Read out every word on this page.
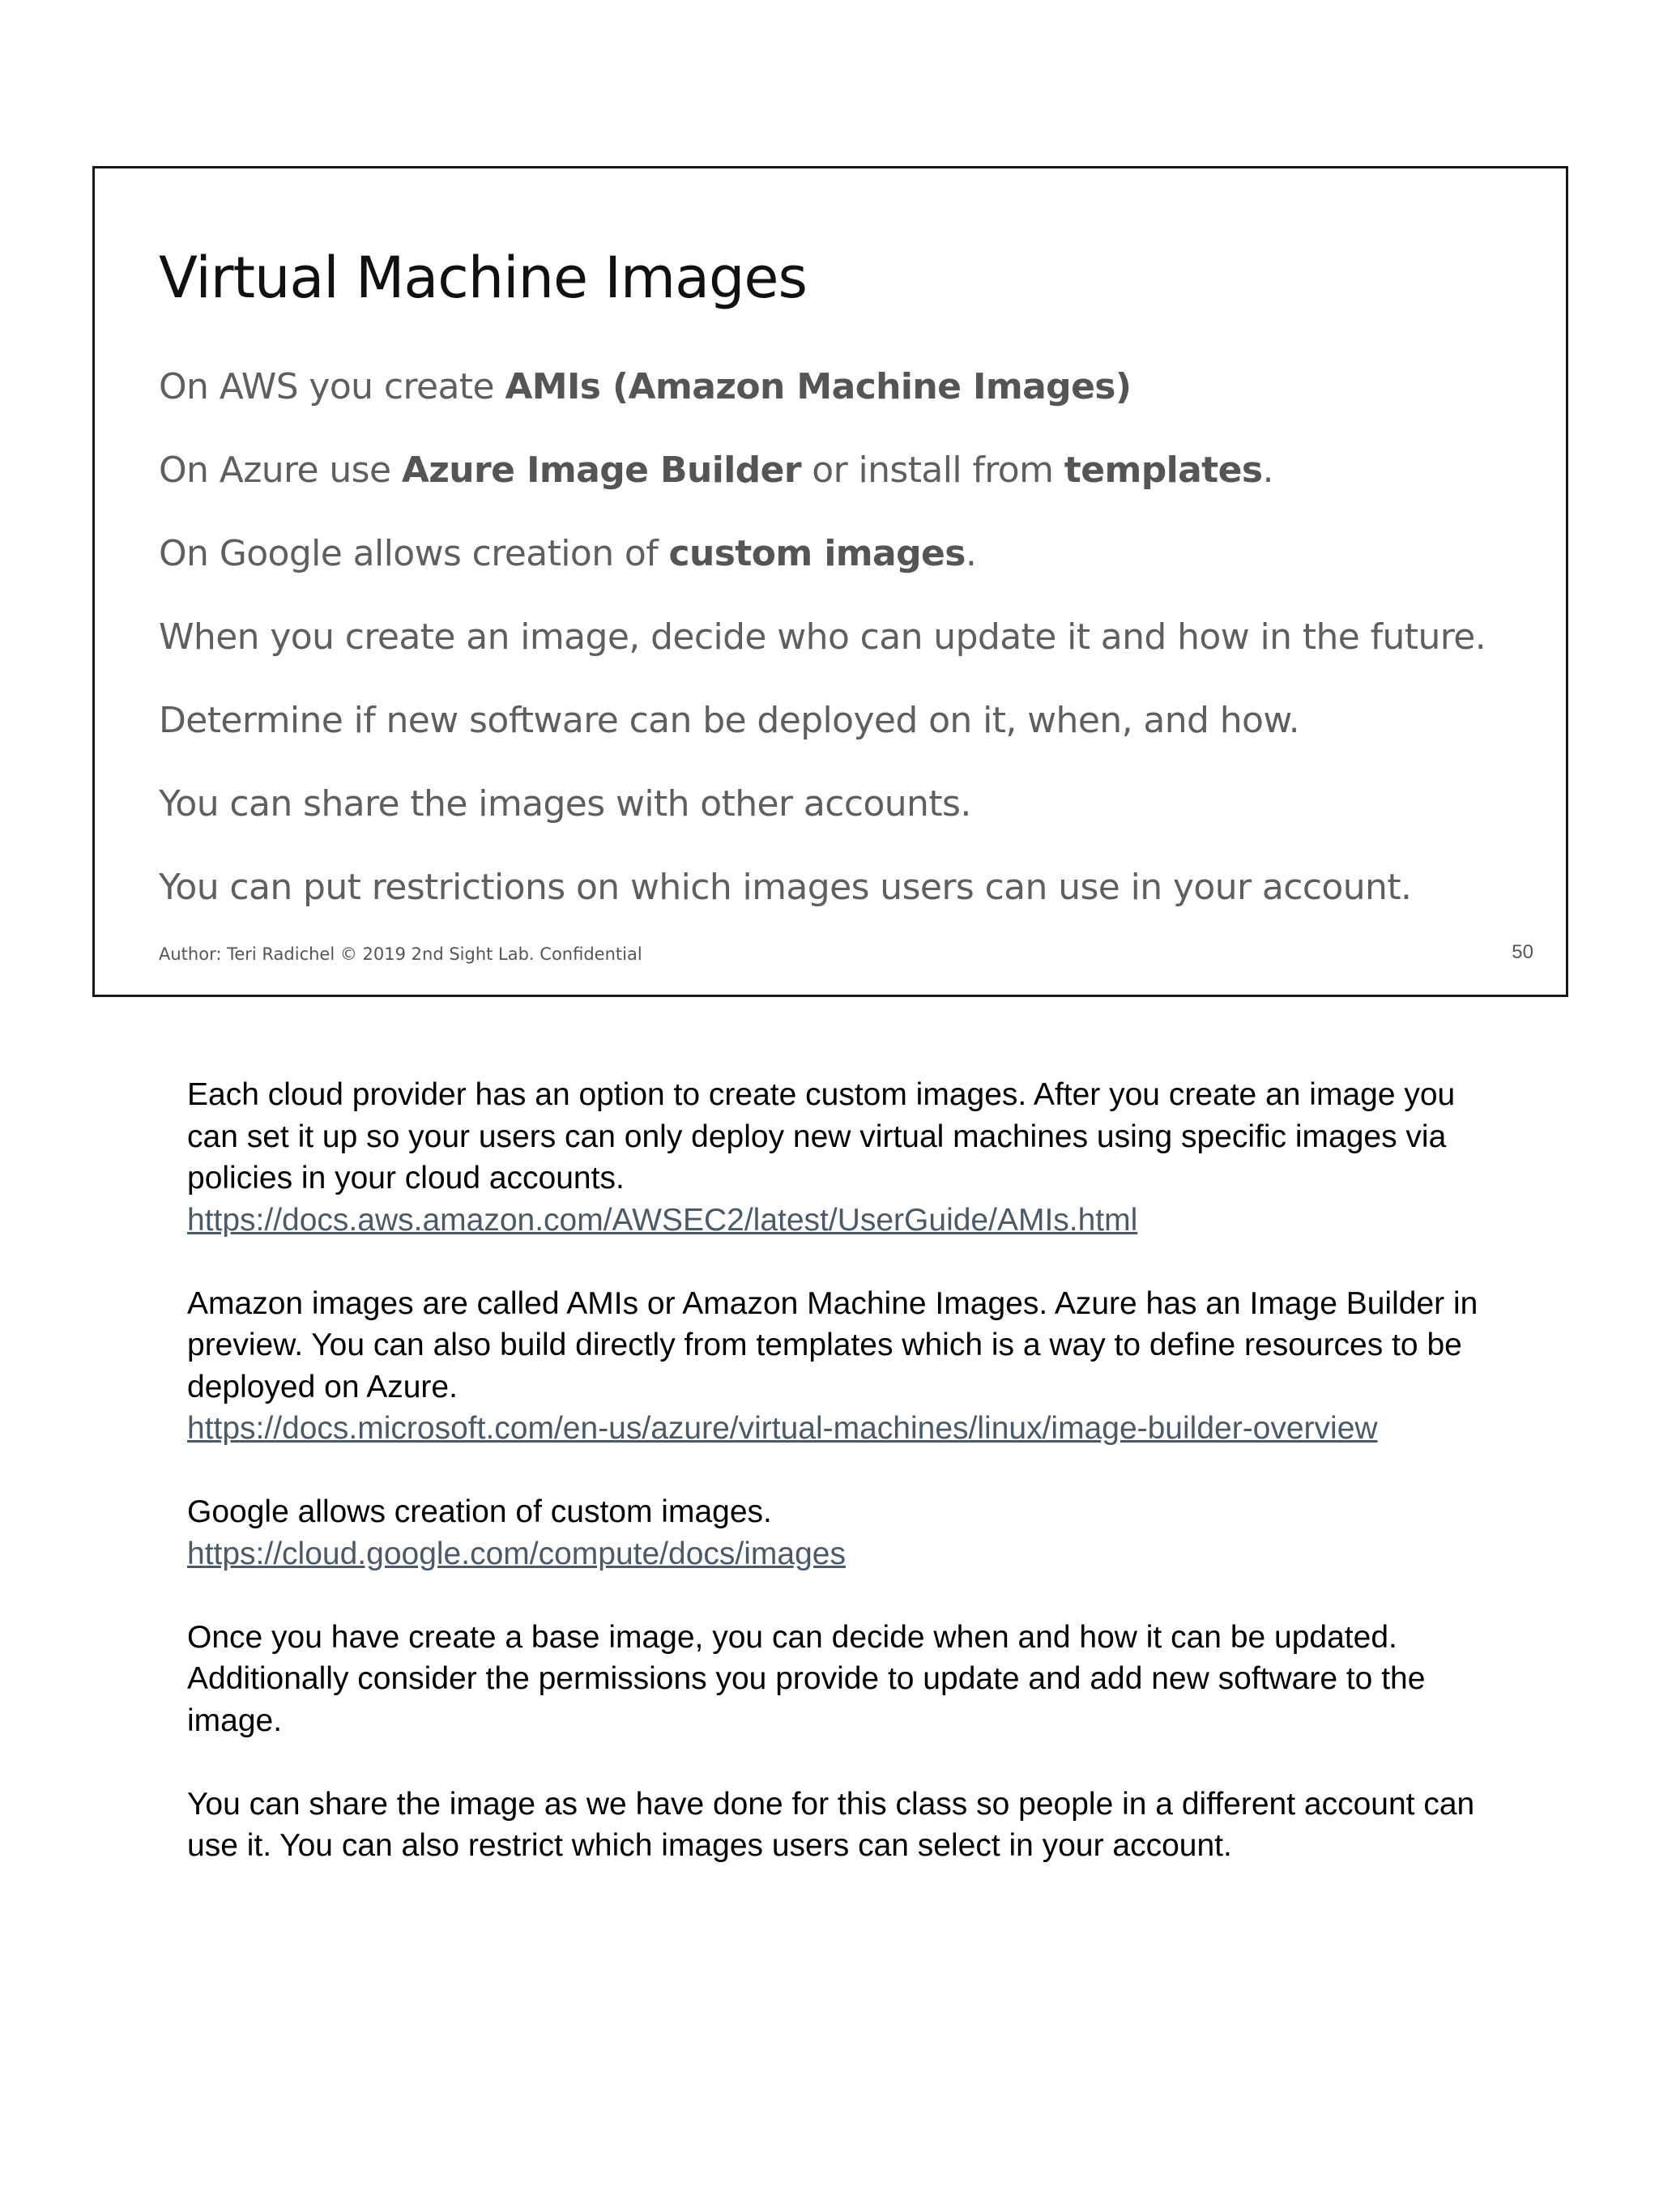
Virtual Machine Images
On AWS you create AMIs (Amazon Machine Images)
On Azure use Azure Image Builder or install from templates.
On Google allows creation of custom images.
When you create an image, decide who can update it and how in the future.
Determine if new software can be deployed on it, when, and how.
You can share the images with other accounts.
You can put restrictions on which images users can use in your account.
Author: Teri Radichel © 2019 2nd Sight Lab. Confidential	50

Each cloud provider has an option to create custom images. After you create an image you can set it up so your users can only deploy new virtual machines using specific images via policies in your cloud accounts.
https://docs.aws.amazon.com/AWSEC2/latest/UserGuide/AMIs.html

Amazon images are called AMIs or Amazon Machine Images. Azure has an Image Builder in preview. You can also build directly from templates which is a way to define resources to be deployed on Azure.
https://docs.microsoft.com/en-us/azure/virtual-machines/linux/image-builder-overview

Google allows creation of custom images.
https://cloud.google.com/compute/docs/images

Once you have create a base image, you can decide when and how it can be updated. Additionally consider the permissions you provide to update and add new software to the image.

You can share the image as we have done for this class so people in a different account can use it. You can also restrict which images users can select in your account.
